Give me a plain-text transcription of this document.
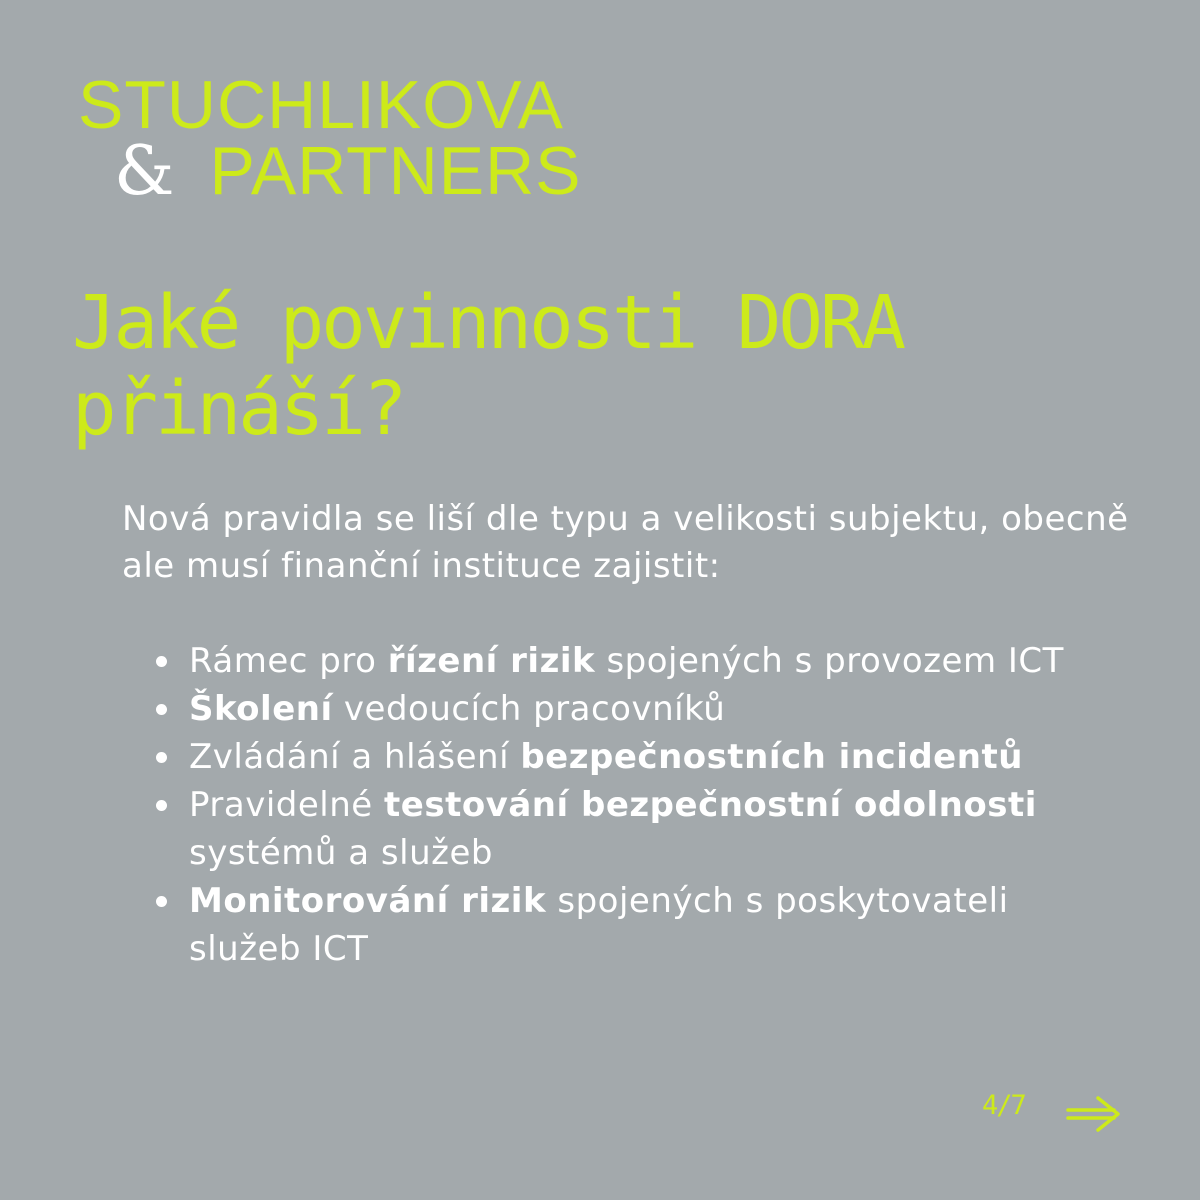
STUCHLIKOVA
& PARTNERS
Jaké povinnosti DORA přináší?

Nová pravidla se liší dle typu a velikosti subjektu, obecně ale musí finanční instituce zajistit:

Rámec pro řízení rizik spojených s provozem ICT
Školení vedoucích pracovníků
Zvládání a hlášení bezpečnostních incidentů
Pravidelné testování bezpečnostní odolnosti systémů a služeb
Monitorování rizik spojených s poskytovateli služeb ICT
4/7
